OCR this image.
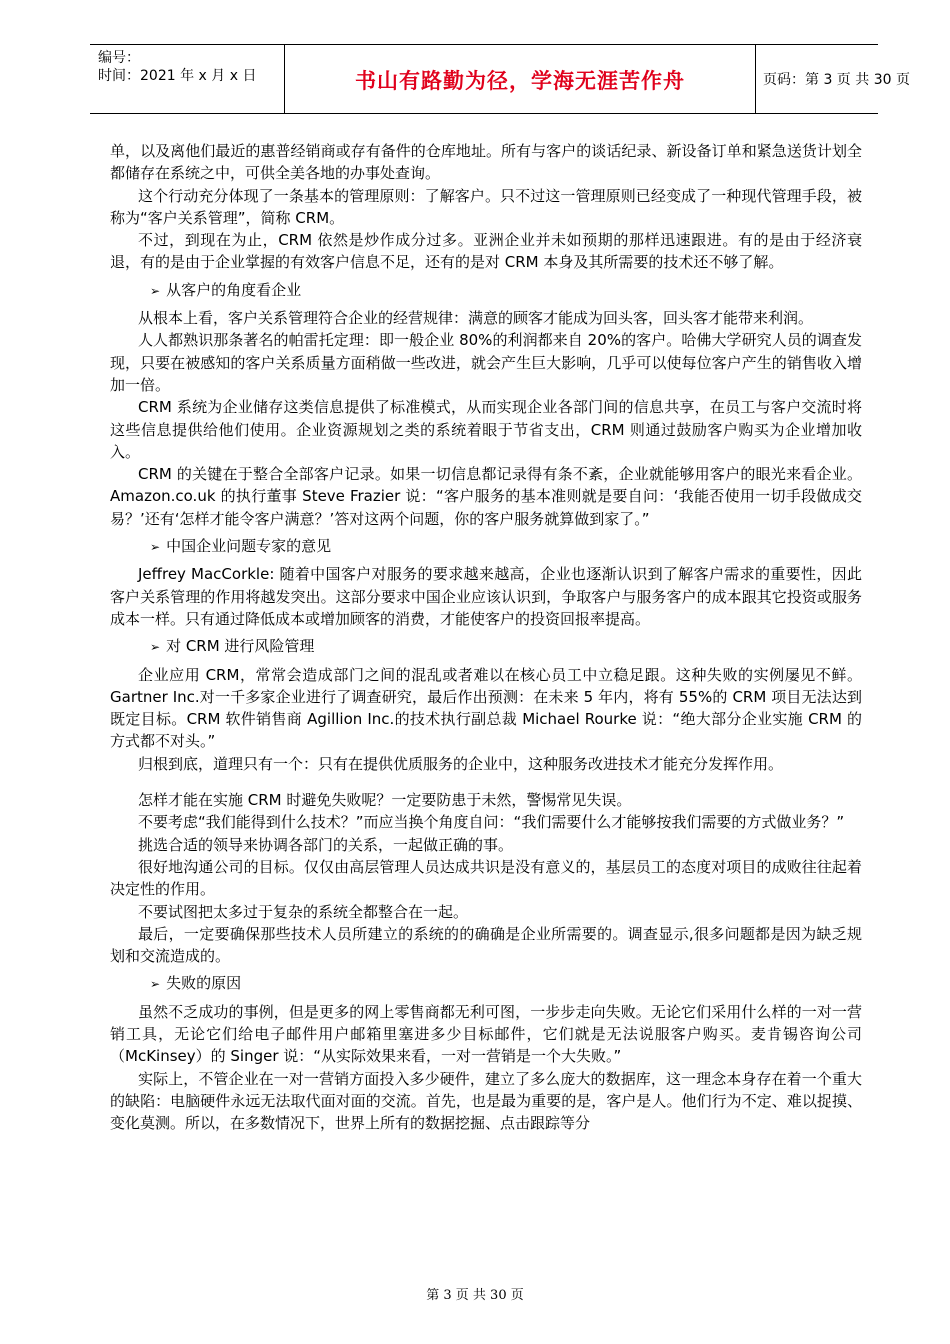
编号：
时间：2021 年 x 月 x 日	书山有路勤为径，学海无涯苦作舟	页码：第 3 页 共 30 页

单，以及离他们最近的惠普经销商或存有备件的仓库地址。所有与客户的谈话纪录、新设备订单和紧急送货计划全都储存在系统之中，可供全美各地的办事处查询。

这个行动充分体现了一条基本的管理原则：了解客户。只不过这一管理原则已经变成了一种现代管理手段，被称为“客户关系管理”，简称 CRM。

不过，到现在为止，CRM 依然是炒作成分过多。亚洲企业并未如预期的那样迅速跟进。有的是由于经济衰退，有的是由于企业掌握的有效客户信息不足，还有的是对 CRM 本身及其所需要的技术还不够了解。

➢ 从客户的角度看企业

从根本上看，客户关系管理符合企业的经营规律：满意的顾客才能成为回头客，回头客才能带来利润。

人人都熟识那条著名的帕雷托定理：即一般企业 80%的利润都来自 20%的客户。哈佛大学研究人员的调查发现，只要在被感知的客户关系质量方面稍做一些改进，就会产生巨大影响，几乎可以使每位客户产生的销售收入增加一倍。

CRM 系统为企业储存这类信息提供了标准模式，从而实现企业各部门间的信息共享，在员工与客户交流时将这些信息提供给他们使用。企业资源规划之类的系统着眼于节省支出，CRM 则通过鼓励客户购买为企业增加收入。

CRM 的关键在于整合全部客户记录。如果一切信息都记录得有条不紊，企业就能够用客户的眼光来看企业。 Amazon.co.uk 的执行董事 Steve Frazier 说：“客户服务的基本准则就是要自问：‘我能否使用一切手段做成交易？’还有‘怎样才能令客户满意？’答对这两个问题，你的客户服务就算做到家了。”

➢ 中国企业问题专家的意见

Jeffrey MacCorkle: 随着中国客户对服务的要求越来越高，企业也逐渐认识到了解客户需求的重要性，因此客户关系管理的作用将越发突出。这部分要求中国企业应该认识到，争取客户与服务客户的成本跟其它投资或服务成本一样。只有通过降低成本或增加顾客的消费，才能使客户的投资回报率提高。

➢ 对 CRM 进行风险管理

企业应用 CRM，常常会造成部门之间的混乱或者难以在核心员工中立稳足跟。这种失败的实例屡见不鲜。Gartner Inc.对一千多家企业进行了调查研究，最后作出预测：在未来 5 年内，将有 55%的 CRM 项目无法达到既定目标。CRM 软件销售商 Agillion Inc.的技术执行副总裁 Michael Rourke 说：“绝大部分企业实施 CRM 的方式都不对头。”

归根到底，道理只有一个：只有在提供优质服务的企业中，这种服务改进技术才能充分发挥作用。

怎样才能在实施 CRM 时避免失败呢？一定要防患于未然，警惕常见失误。

不要考虑“我们能得到什么技术？”而应当换个角度自问：“我们需要什么才能够按我们需要的方式做业务？”

挑选合适的领导来协调各部门的关系，一起做正确的事。

很好地沟通公司的目标。仅仅由高层管理人员达成共识是没有意义的，基层员工的态度对项目的成败往往起着决定性的作用。

不要试图把太多过于复杂的系统全都整合在一起。

最后，一定要确保那些技术人员所建立的系统的的确确是企业所需要的。调查显示,很多问题都是因为缺乏规划和交流造成的。

➢ 失败的原因

虽然不乏成功的事例，但是更多的网上零售商都无利可图，一步步走向失败。无论它们采用什么样的一对一营销工具，无论它们给电子邮件用户邮箱里塞进多少目标邮件，它们就是无法说服客户购买。麦肯锡咨询公司（McKinsey）的 Singer 说：“从实际效果来看，一对一营销是一个大失败。”

实际上，不管企业在一对一营销方面投入多少硬件，建立了多么庞大的数据库，这一理念本身存在着一个重大的缺陷：电脑硬件永远无法取代面对面的交流。首先，也是最为重要的是，客户是人。他们行为不定、难以捉摸、变化莫测。所以，在多数情况下，世界上所有的数据挖掘、点击跟踪等分

第 3 页 共 30 页
